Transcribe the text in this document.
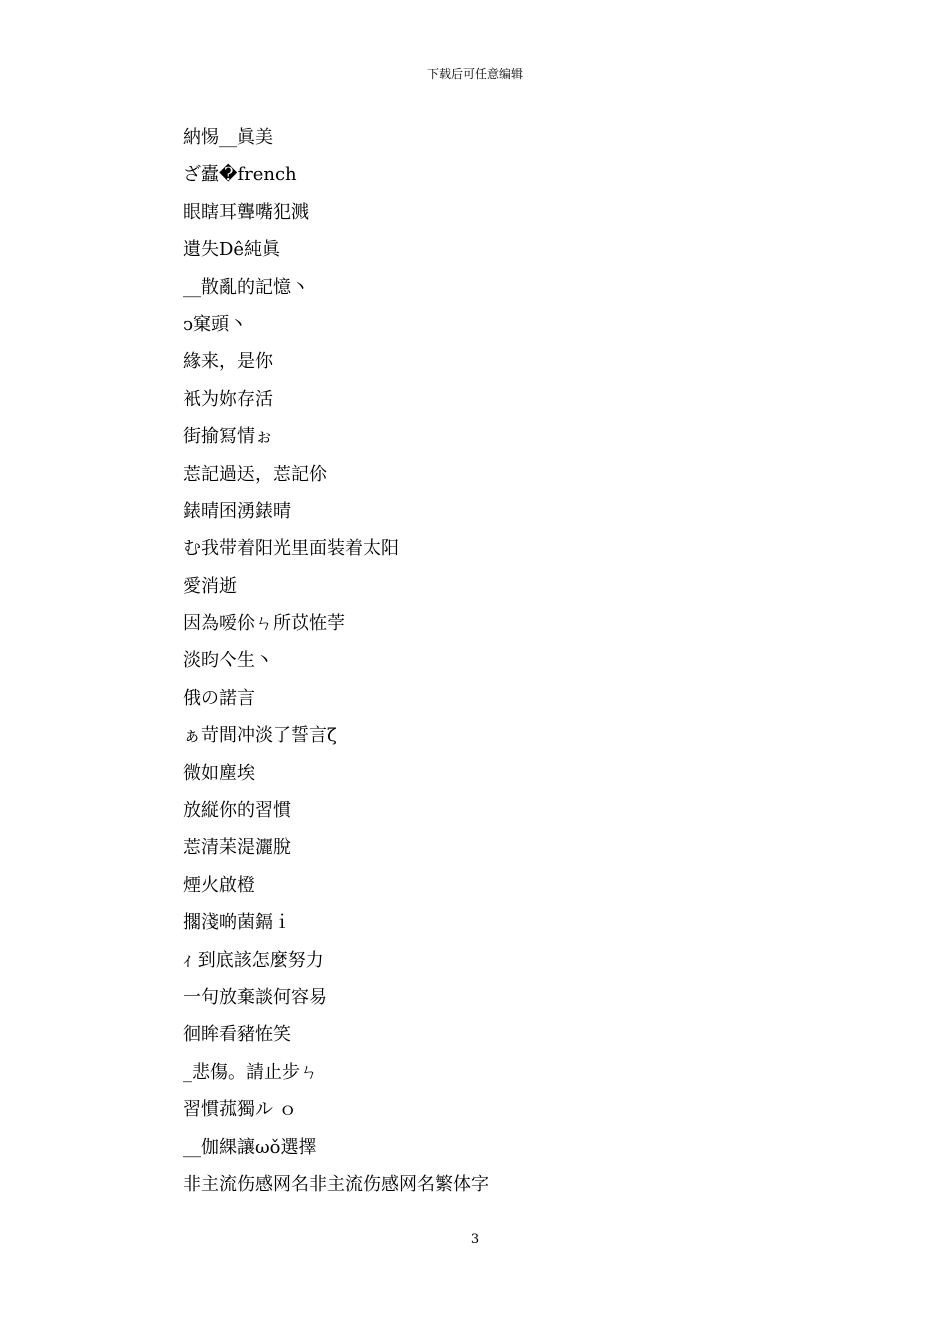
下载后可任意编辑
納惕__眞美
ざ蠹�french
眼瞎耳聾嘴犯溅
遺失Dê純眞
__散亂的記憶丶
ↄ窠頭丶
緣来，是你
衹为妳存活
街揄冩情ぉ
莣記過迗，莣記伱
錶晴囨湧錶晴
む我带着阳光里面装着太阳
愛消逝
因為嗳伱ㄣ所苡恠荢
淡昀亽生丶
俄の諾言
ぁ苛間冲淡了誓言ζ
微如塵埃
放縦你的習慣
莣清苿湜灑脫
煙火啟橙
擱淺啲菌鎘ｉ
ｨ 到底該怎麼努力
一句放棄談何容易
徊眸看豬恠笑
_悲傷。請止步ㄣ
習慣菰獨ル ｏ
__伽綶讓ωǒ選擇
非主流伤感网名非主流伤感网名繁体字
3
